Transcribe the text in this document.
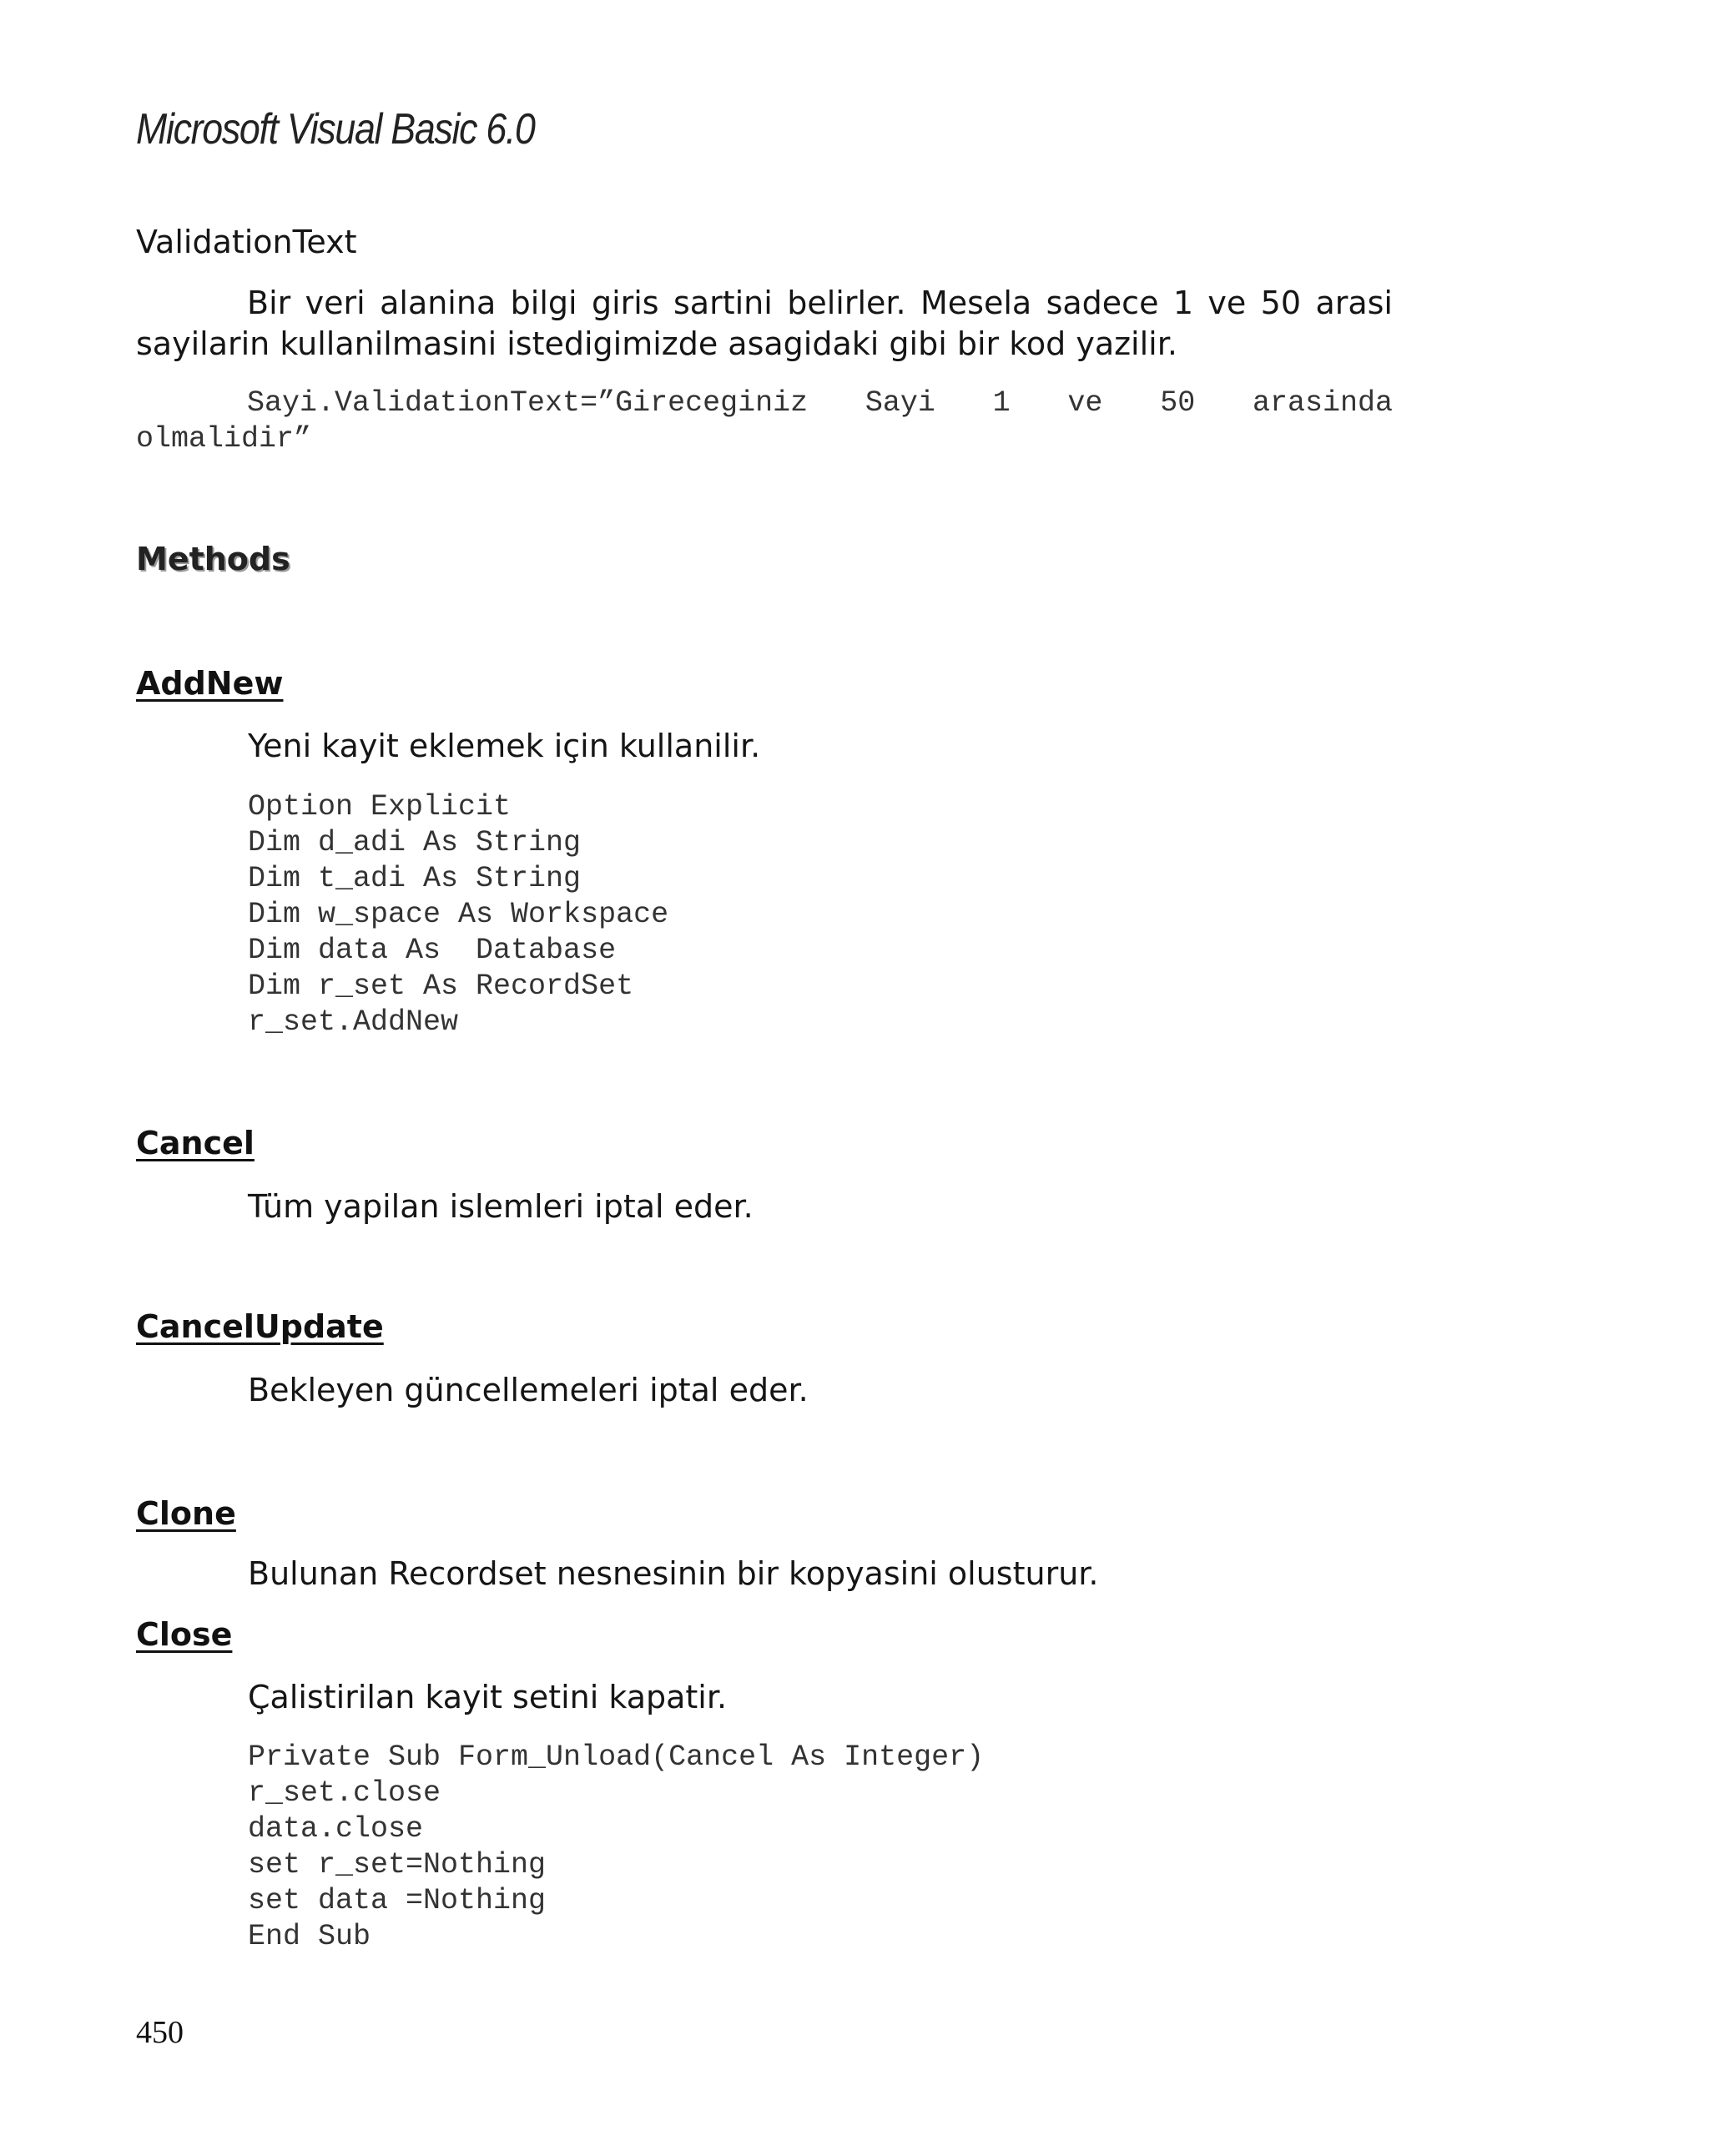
Microsoft Visual Basic 6.0
ValidationText
Bir veri alanina bilgi giris sartini belirler. Mesela sadece 1 ve 50 arasi
sayilarin kullanilmasini istedigimizde asagidaki gibi bir kod yazilir.
Sayi.ValidationText=”Gireceginiz Sayi 1 ve 50 arasinda
olmalidir”
Methods
AddNew
Yeni kayit eklemek için kullanilir.
Option Explicit
Dim d_adi As String
Dim t_adi As String
Dim w_space As Workspace
Dim data As  Database
Dim r_set As RecordSet
r_set.AddNew
Cancel
Tüm yapilan islemleri iptal eder.
CancelUpdate
Bekleyen güncellemeleri iptal eder.
Clone
Bulunan Recordset nesnesinin bir kopyasini olusturur.
Close
Çalistirilan kayit setini kapatir.
Private Sub Form_Unload(Cancel As Integer)
r_set.close
data.close
set r_set=Nothing
set data =Nothing
End Sub
450
